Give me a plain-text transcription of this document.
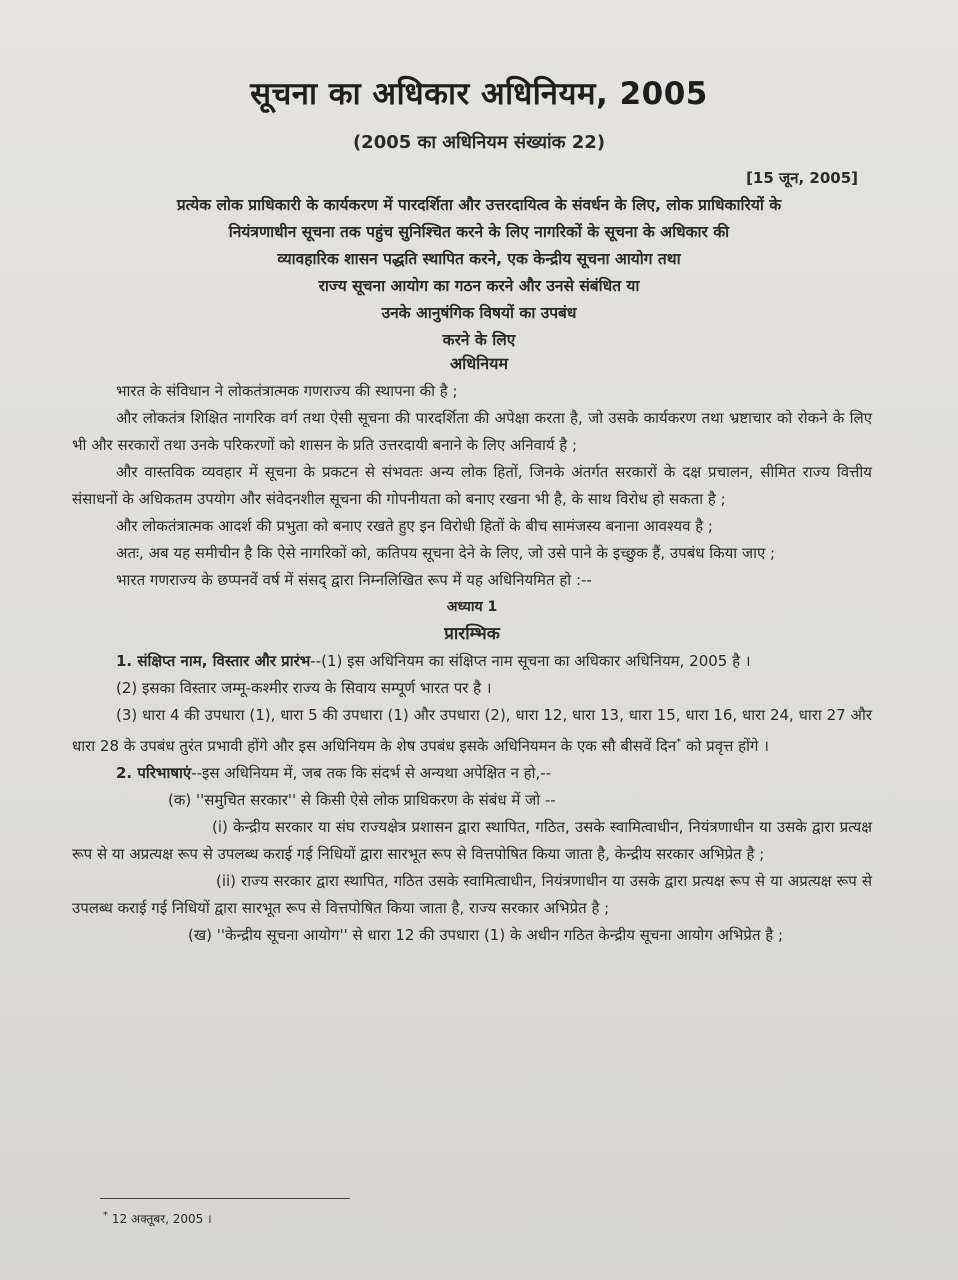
सूचना का अधिकार अधिनियम, 2005
(2005 का अधिनियम संख्यांक 22)
[15 जून, 2005]
प्रत्येक लोक प्राधिकारी के कार्यकरण में पारदर्शिता और उत्तरदायित्व के संवर्धन के लिए, लोक प्राधिकारियों के
नियंत्रणाधीन सूचना तक पहुंच सुनिश्चित करने के लिए नागरिकों के सूचना के अधिकार की
व्यावहारिक शासन पद्धति स्थापित करने, एक केन्द्रीय सूचना आयोग तथा
राज्य सूचना आयोग का गठन करने और उनसे संबंधित या
उनके आनुषंगिक विषयों का उपबंध
करने के लिए
अधिनियम

भारत के संविधान ने लोकतंत्रात्मक गणराज्य की स्थापना की है ;

और लोकतंत्र शिक्षित नागरिक वर्ग तथा ऐसी सूचना की पारदर्शिता की अपेक्षा करता है, जो उसके कार्यकरण तथा भ्रष्टाचार को रोकने के लिए भी और सरकारों तथा उनके परिकरणों को शासन के प्रति उत्तरदायी बनाने के लिए अनिवार्य है ;

और वास्तविक व्यवहार में सूचना के प्रकटन से संभवतः अन्य लोक हितों, जिनके अंतर्गत सरकारों के दक्ष प्रचालन, सीमित राज्य वित्तीय संसाधनों के अधिकतम उपयोग और संवेदनशील सूचना की गोपनीयता को बनाए रखना भी है, के साथ विरोध हो सकता है ;

और लोकतंत्रात्मक आदर्श की प्रभुता को बनाए रखते हुए इन विरोधी हितों के बीच सामंजस्य बनाना आवश्यव है ;

अतः, अब यह समीचीन है कि ऐसे नागरिकों को, कतिपय सूचना देने के लिए, जो उसे पाने के इच्छुक हैं, उपबंध किया जाए ;

भारत गणराज्य के छप्पनवें वर्ष में संसद् द्वारा निम्नलिखित रूप में यह अधिनियमित हो :--

अध्याय 1

प्रारम्भिक

1. संक्षिप्त नाम, विस्तार और प्रारंभ--(1) इस अधिनियम का संक्षिप्त नाम सूचना का अधिकार अधिनियम, 2005 है ।

(2) इसका विस्तार जम्मू-कश्मीर राज्य के सिवाय सम्पूर्ण भारत पर है ।

(3) धारा 4 की उपधारा (1), धारा 5 की उपधारा (1) और उपधारा (2), धारा 12, धारा 13, धारा 15, धारा 16, धारा 24, धारा 27 और धारा 28 के उपबंध तुरंत प्रभावी होंगे और इस अधिनियम के शेष उपबंध इसके अधिनियमन के एक सौ बीसवें दिन* को प्रवृत्त होंगे ।

2. परिभाषाएं--इस अधिनियम में, जब तक कि संदर्भ से अन्यथा अपेक्षित न हो,--

(क) ''समुचित सरकार'' से किसी ऐसे लोक प्राधिकरण के संबंध में जो --

(i) केन्द्रीय सरकार या संघ राज्यक्षेत्र प्रशासन द्वारा स्थापित, गठित, उसके स्वामित्वाधीन, नियंत्रणाधीन या उसके द्वारा प्रत्यक्ष रूप से या अप्रत्यक्ष रूप से उपलब्ध कराई गई निधियों द्वारा सारभूत रूप से वित्तपोषित किया जाता है, केन्द्रीय सरकार अभिप्रेत है ;

(ii) राज्य सरकार द्वारा स्थापित, गठित उसके स्वामित्वाधीन, नियंत्रणाधीन या उसके द्वारा प्रत्यक्ष रूप से या अप्रत्यक्ष रूप से उपलब्ध कराई गई निधियों द्वारा सारभूत रूप से वित्तपोषित किया जाता है, राज्य सरकार अभिप्रेत है ;

(ख) ''केन्द्रीय सूचना आयोग'' से धारा 12 की उपधारा (1) के अधीन गठित केन्द्रीय सूचना आयोग अभिप्रेत है ;

* 12 अक्तूबर, 2005 ।
